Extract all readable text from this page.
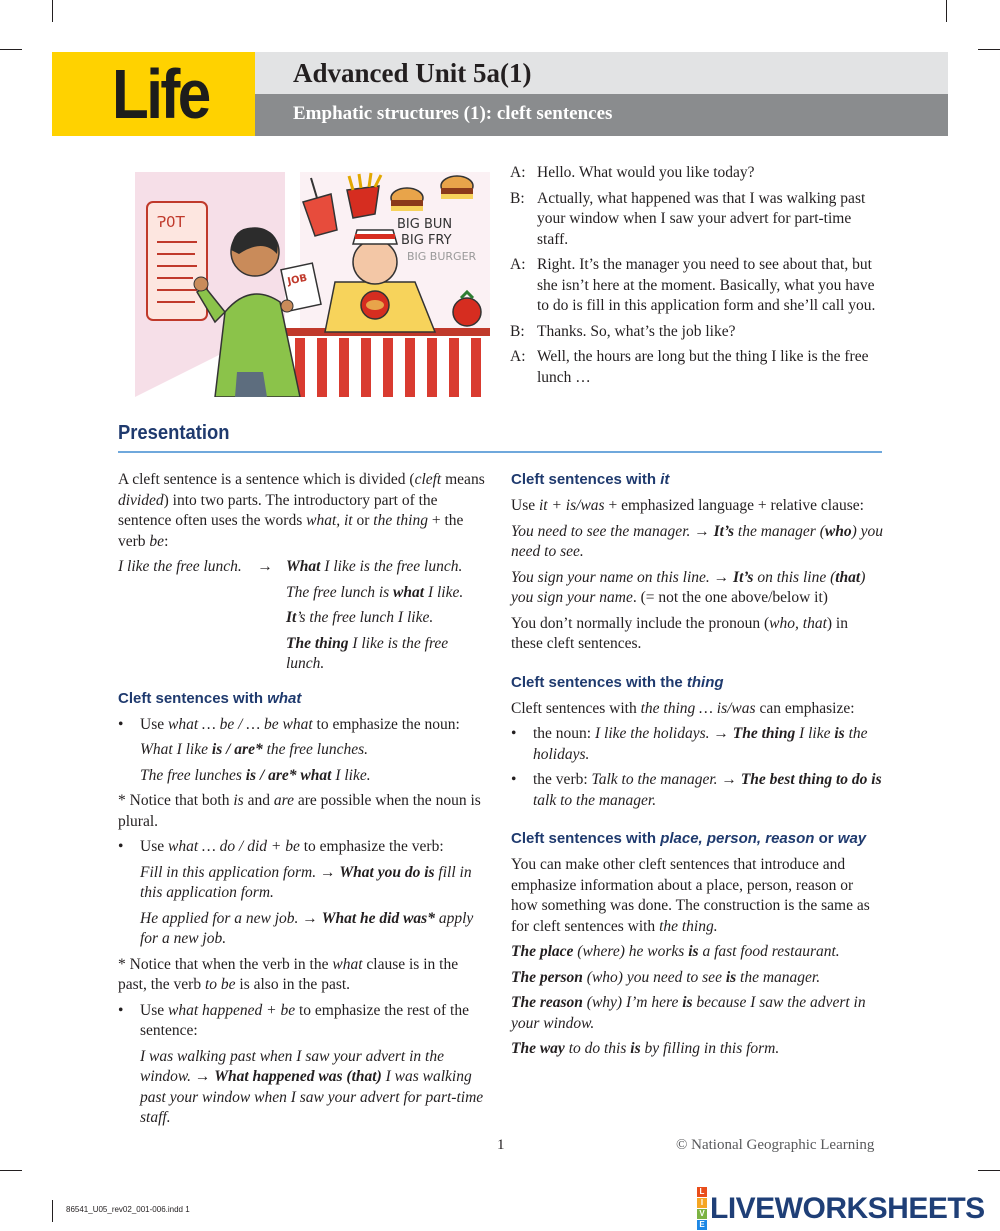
Life	Advanced Unit 5a(1)
Emphatic structures (1): cleft sentences
Ɂ0T	BIG BUN
BIG FRY
BIG BURGER
JOB
A: Hello. What would you like today?
B: Actually, what happened was that I was walking past your window when I saw your advert for part-time staff.
A: Right. It’s the manager you need to see about that, but she isn’t here at the moment. Basically, what you have to do is fill in this application form and she’ll call you.
B: Thanks. So, what’s the job like?
A: Well, the hours are long but the thing I like is the free lunch …
Presentation

A cleft sentence is a sentence which is divided (cleft means divided) into two parts. The introductory part of the sentence often uses the words what, it or the thing + the verb be:

I like the free lunch. → What I like is the free lunch.
The free lunch is what I like.
It’s the free lunch I like.
The thing I like is the free lunch.
Cleft sentences with what
•	Use what … be / … be what to emphasize the noun:
What I like is / are* the free lunches.
The free lunches is / are* what I like.

* Notice that both is and are are possible when the noun is plural.

•	Use what … do / did + be to emphasize the verb:
Fill in this application form. → What you do is fill in this application form.
He applied for a new job. → What he did was* apply for a new job.

* Notice that when the verb in the what clause is in the past, the verb to be is also in the past.

•	Use what happened + be to emphasize the rest of the sentence:
I was walking past when I saw your advert in the window. → What happened was (that) I was walking past your window when I saw your advert for part-time staff.
Cleft sentences with it

Use it + is/was + emphasized language + relative clause:

You need to see the manager. → It’s the manager (who) you need to see.

You sign your name on this line. → It’s on this line (that) you sign your name. (= not the one above/below it)

You don’t normally include the pronoun (who, that) in these cleft sentences.

Cleft sentences with the thing

Cleft sentences with the thing … is/was can emphasize:

•	the noun: I like the holidays. → The thing I like is the holidays.
•	the verb: Talk to the manager. → The best thing to do is talk to the manager.
Cleft sentences with place, person, reason or way

You can make other cleft sentences that introduce and emphasize information about a place, person, reason or how something was done. The construction is the same as for cleft sentences with the thing.

The place (where) he works is a fast food restaurant.

The person (who) you need to see is the manager.

The reason (why) I’m here is because I saw the advert in your window.

The way to do this is by filling in this form.

1	© National Geographic Learning
86541_U05_rev02_001-006.indd 1
L
I
V
E LIVEWORKSHEETS
